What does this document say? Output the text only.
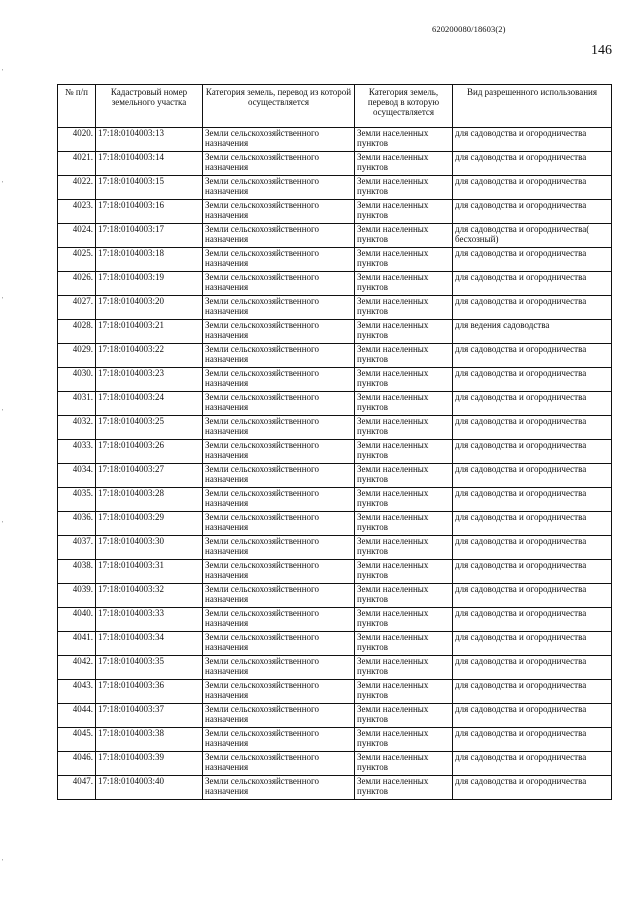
620200080/18603(2)
146
'
'
'
'
'
'
№ п/п	Кадастровый номер земельного участка	Категория земель, перевод из которой осуществляется	Категория земель, перевод в которую осуществляется	Вид разрешенного использования
4020.	17:18:0104003:13	Земли сельскохозяйственного назначения	Земли населенных пунктов	для садоводства и огородничества
4021.	17:18:0104003:14	Земли сельскохозяйственного назначения	Земли населенных пунктов	для садоводства и огородничества
4022.	17:18:0104003:15	Земли сельскохозяйственного назначения	Земли населенных пунктов	для садоводства и огородничества
4023.	17:18:0104003:16	Земли сельскохозяйственного назначения	Земли населенных пунктов	для садоводства и огородничества
4024.	17:18:0104003:17	Земли сельскохозяйственного назначения	Земли населенных пунктов	для садоводства и огородничества( бесхозный)
4025.	17:18:0104003:18	Земли сельскохозяйственного назначения	Земли населенных пунктов	для садоводства и огородничества
4026.	17:18:0104003:19	Земли сельскохозяйственного назначения	Земли населенных пунктов	для садоводства и огородничества
4027.	17:18:0104003:20	Земли сельскохозяйственного назначения	Земли населенных пунктов	для садоводства и огородничества
4028.	17:18:0104003:21	Земли сельскохозяйственного назначения	Земли населенных пунктов	для ведения садоводства
4029.	17:18:0104003:22	Земли сельскохозяйственного назначения	Земли населенных пунктов	для садоводства и огородничества
4030.	17:18:0104003:23	Земли сельскохозяйственного назначения	Земли населенных пунктов	для садоводства и огородничества
4031.	17:18:0104003:24	Земли сельскохозяйственного назначения	Земли населенных пунктов	для садоводства и огородничества
4032.	17:18:0104003:25	Земли сельскохозяйственного назначения	Земли населенных пунктов	для садоводства и огородничества
4033.	17:18:0104003:26	Земли сельскохозяйственного назначения	Земли населенных пунктов	для садоводства и огородничества
4034.	17:18:0104003:27	Земли сельскохозяйственного назначения	Земли населенных пунктов	для садоводства и огородничества
4035.	17:18:0104003:28	Земли сельскохозяйственного назначения	Земли населенных пунктов	для садоводства и огородничества
4036.	17:18:0104003:29	Земли сельскохозяйственного назначения	Земли населенных пунктов	для садоводства и огородничества
4037.	17:18:0104003:30	Земли сельскохозяйственного назначения	Земли населенных пунктов	для садоводства и огородничества
4038.	17:18:0104003:31	Земли сельскохозяйственного назначения	Земли населенных пунктов	для садоводства и огородничества
4039.	17:18:0104003:32	Земли сельскохозяйственного назначения	Земли населенных пунктов	для садоводства и огородничества
4040.	17:18:0104003:33	Земли сельскохозяйственного назначения	Земли населенных пунктов	для садоводства и огородничества
4041.	17:18:0104003:34	Земли сельскохозяйственного назначения	Земли населенных пунктов	для садоводства и огородничества
4042.	17:18:0104003:35	Земли сельскохозяйственного назначения	Земли населенных пунктов	для садоводства и огородничества
4043.	17:18:0104003:36	Земли сельскохозяйственного назначения	Земли населенных пунктов	для садоводства и огородничества
4044.	17:18:0104003:37	Земли сельскохозяйственного назначения	Земли населенных пунктов	для садоводства и огородничества
4045.	17:18:0104003:38	Земли сельскохозяйственного назначения	Земли населенных пунктов	для садоводства и огородничества
4046.	17:18:0104003:39	Земли сельскохозяйственного назначения	Земли населенных пунктов	для садоводства и огородничества
4047.	17:18:0104003:40	Земли сельскохозяйственного назначения	Земли населенных пунктов	для садоводства и огородничества
